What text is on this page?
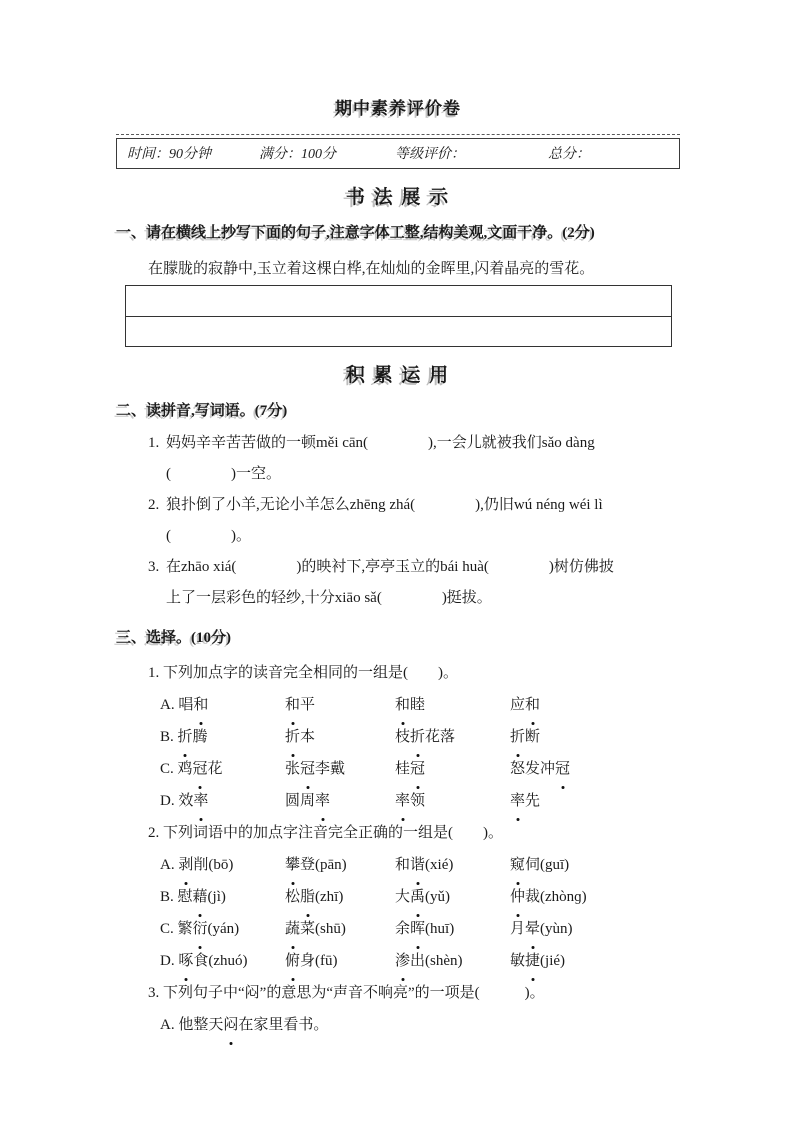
期中素养评价卷
时间：90分钟	满分：100分	等级评价：	总分：
书 法 展 示
一、请在横线上抄写下面的句子,注意字体工整,结构美观,文面干净。(2分)
在朦胧的寂静中,玉立着这棵白桦,在灿灿的金晖里,闪着晶亮的雪花。
积 累 运 用
二、读拼音,写词语。(7分)
1. 妈妈辛辛苦苦做的一顿měi cān(　　　　),一会儿就被我们sǎo dàng
(　　　　)一空。
2. 狼扑倒了小羊,无论小羊怎么zhēng zhá(　　　　),仍旧wú nénɡ wéi lì
(　　　　)。
3. 在zhāo xiá(　　　　)的映衬下,亭亭玉立的bái huà(　　　　)树仿佛披
上了一层彩色的轻纱,十分xiāo sǎ(　　　　)挺拔。
三、选择。(10分)
1. 下列加点字的读音完全相同的一组是(　　)。
A. 唱和	和平	和睦	应和
B. 折腾	折本	枝折花落	折断
C. 鸡冠花	张冠李戴	桂冠	怒发冲冠
D. 效率	圆周率	率领	率先
2. 下列词语中的加点字注音完全正确的一组是(　　)。
A. 剥削(bō)	攀登(pān)	和谐(xié)	窥伺(guī)
B. 慰藉(jì)	松脂(zhī)	大禹(yǔ)	仲裁(zhònɡ)
C. 繁衍(yán)	蔬菜(shū)	余晖(huī)	月晕(yùn)
D. 啄食(zhuó)	俯身(fū)	渗出(shèn)	敏捷(jié)
3. 下列句子中“闷”的意思为“声音不响亮”的一项是(　　　)。
A. 他整天闷在家里看书。
